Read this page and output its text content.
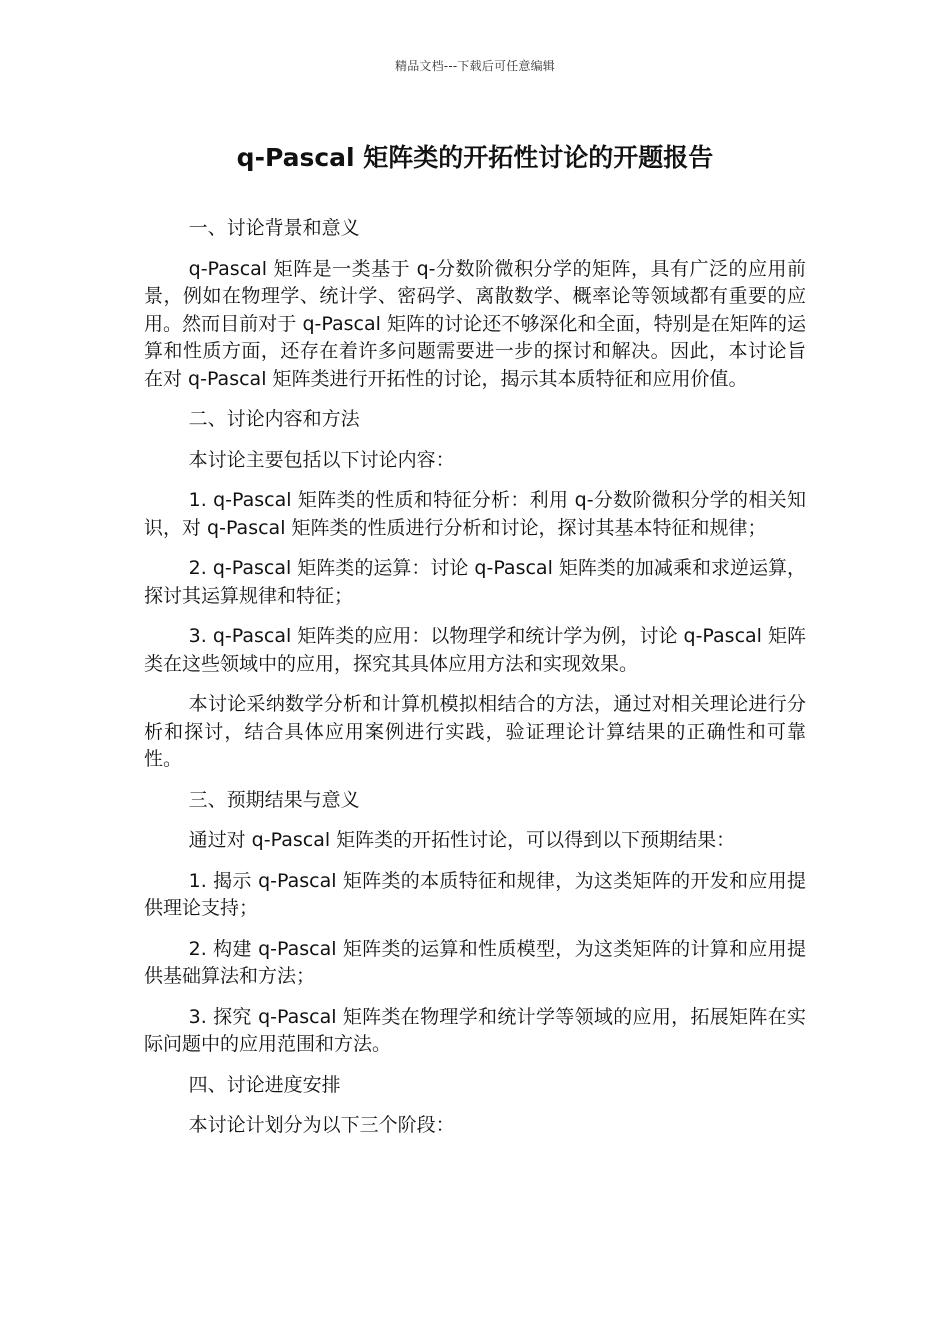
精品文档---下载后可任意编辑
q-Pascal 矩阵类的开拓性讨论的开题报告

一、讨论背景和意义

q-Pascal 矩阵是一类基于 q-分数阶微积分学的矩阵，具有广泛的应用前景，例如在物理学、统计学、密码学、离散数学、概率论等领域都有重要的应用。然而目前对于 q-Pascal 矩阵的讨论还不够深化和全面，特别是在矩阵的运算和性质方面，还存在着许多问题需要进一步的探讨和解决。因此，本讨论旨在对 q-Pascal 矩阵类进行开拓性的讨论，揭示其本质特征和应用价值。

二、讨论内容和方法

本讨论主要包括以下讨论内容：

1. q-Pascal 矩阵类的性质和特征分析：利用 q-分数阶微积分学的相关知识，对 q-Pascal 矩阵类的性质进行分析和讨论，探讨其基本特征和规律；

2. q-Pascal 矩阵类的运算：讨论 q-Pascal 矩阵类的加减乘和求逆运算，探讨其运算规律和特征；

3. q-Pascal 矩阵类的应用：以物理学和统计学为例，讨论 q-Pascal 矩阵类在这些领域中的应用，探究其具体应用方法和实现效果。

本讨论采纳数学分析和计算机模拟相结合的方法，通过对相关理论进行分析和探讨，结合具体应用案例进行实践，验证理论计算结果的正确性和可靠性。

三、预期结果与意义

通过对 q-Pascal 矩阵类的开拓性讨论，可以得到以下预期结果：

1. 揭示 q-Pascal 矩阵类的本质特征和规律，为这类矩阵的开发和应用提供理论支持；

2. 构建 q-Pascal 矩阵类的运算和性质模型，为这类矩阵的计算和应用提供基础算法和方法；

3. 探究 q-Pascal 矩阵类在物理学和统计学等领域的应用，拓展矩阵在实际问题中的应用范围和方法。

四、讨论进度安排

本讨论计划分为以下三个阶段：
